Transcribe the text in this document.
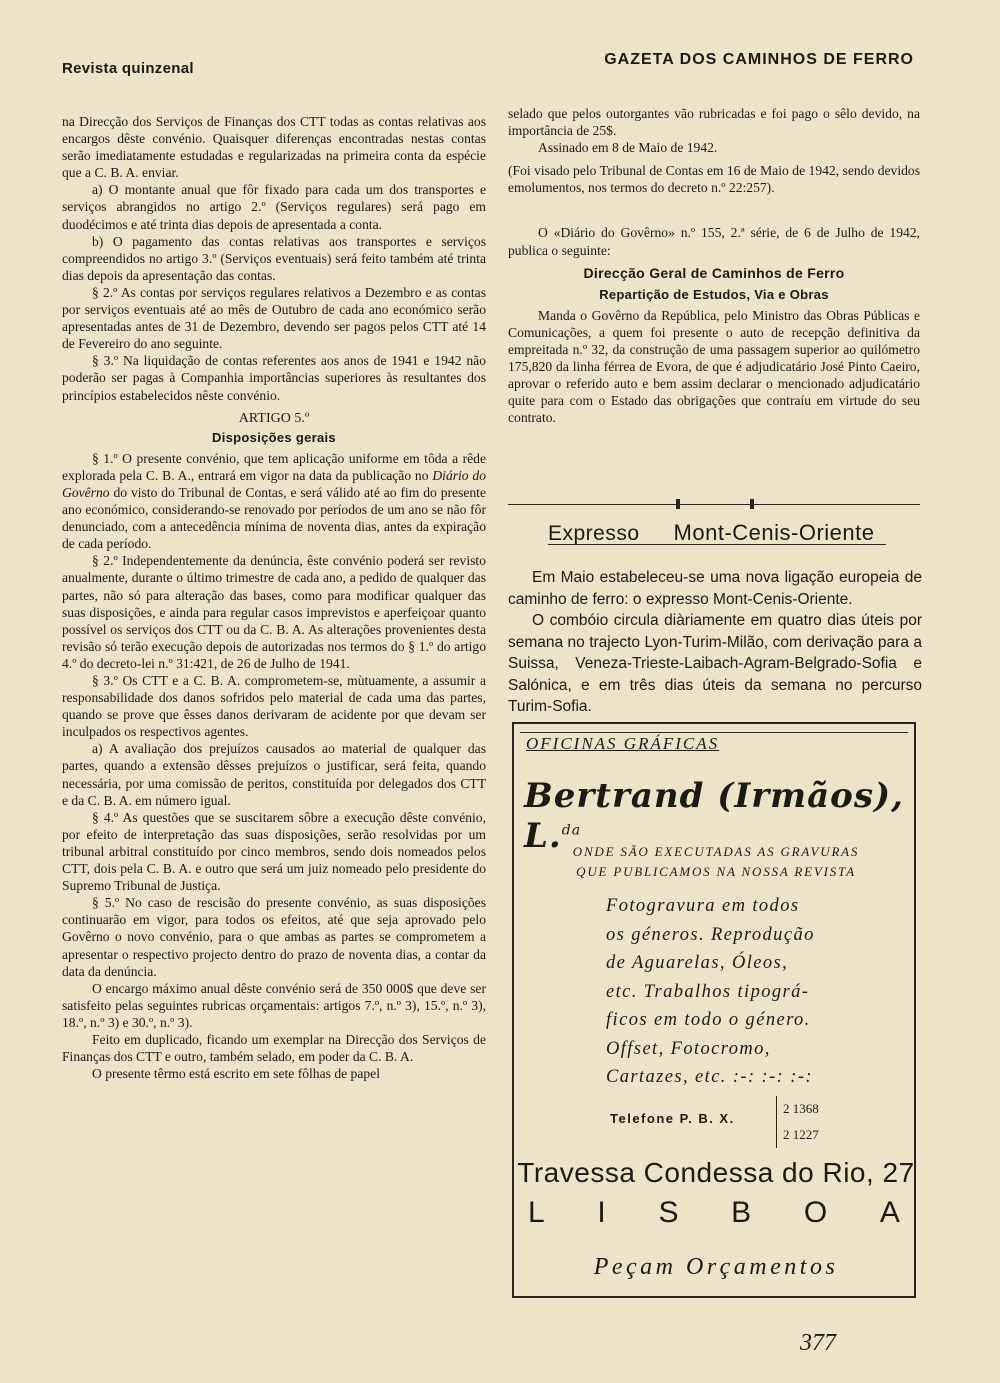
Revista quinzenal
GAZETA DOS CAMINHOS DE FERRO

na Direcção dos Serviços de Finanças dos CTT todas as contas relativas aos encargos dêste convénio. Quaisquer diferenças encontradas nestas contas serão imediatamente estudadas e regularizadas na primeira conta da espécie que a C. B. A. enviar.

a) O montante anual que fôr fixado para cada um dos transportes e serviços abrangidos no artigo 2.º (Serviços regulares) será pago em duodécimos e até trinta dias depois de apresentada a conta.

b) O pagamento das contas relativas aos transportes e serviços compreendidos no artigo 3.º (Serviços eventuais) será feito também até trinta dias depois da apresentação das contas.

§ 2.º As contas por serviços regulares relativos a Dezembro e as contas por serviços eventuais até ao mês de Outubro de cada ano económico serão apresentadas antes de 31 de Dezembro, devendo ser pagos pelos CTT até 14 de Fevereiro do ano seguinte.

§ 3.º Na liquidação de contas referentes aos anos de 1941 e 1942 não poderão ser pagas à Companhia importâncias superiores às resultantes dos princípios estabelecidos nêste convénio.

ARTIGO 5.º
Disposições gerais

§ 1.º O presente convénio, que tem aplicação uniforme em tôda a rêde explorada pela C. B. A., entrará em vigor na data da publicação no Diário do Govêrno do visto do Tribunal de Contas, e será válido até ao fim do presente ano económico, considerando-se renovado por períodos de um ano se não fôr denunciado, com a antecedência mínima de noventa dias, antes da expiração de cada período.

§ 2.º Independentemente da denúncia, êste convénio poderá ser revisto anualmente, durante o último trimestre de cada ano, a pedido de qualquer das partes, não só para alteração das bases, como para modificar qualquer das suas disposições, e ainda para regular casos imprevistos e aperfeiçoar quanto possível os serviços dos CTT ou da C. B. A. As alterações provenientes desta revisão só terão execução depois de autorizadas nos termos do § 1.º do artigo 4.º do decreto-lei n.º 31:421, de 26 de Julho de 1941.

§ 3.º Os CTT e a C. B. A. comprometem-se, mùtuamente, a assumir a responsabilidade dos danos sofridos pelo material de cada uma das partes, quando se prove que êsses danos derivaram de acidente por que devam ser inculpados os respectivos agentes.

a) A avaliação dos prejuízos causados ao material de qualquer das partes, quando a extensão dêsses prejuízos o justificar, será feita, quando necessária, por uma comissão de peritos, constituída por delegados dos CTT e da C. B. A. em número igual.

§ 4.º As questões que se suscitarem sôbre a execução dêste convénio, por efeito de interpretação das suas disposições, serão resolvidas por um tribunal arbitral constituído por cinco membros, sendo dois nomeados pelos CTT, dois pela C. B. A. e outro que será um juiz nomeado pelo presidente do Supremo Tribunal de Justiça.

§ 5.º No caso de rescisão do presente convénio, as suas disposições continuarão em vigor, para todos os efeitos, até que seja aprovado pelo Govêrno o novo convénio, para o que ambas as partes se comprometem a apresentar o respectivo projecto dentro do prazo de noventa dias, a contar da data da denúncia.

O encargo máximo anual dêste convénio será de 350 000$ que deve ser satisfeito pelas seguintes rubricas orçamentais: artigos 7.º, n.º 3), 15.º, n.º 3), 18.º, n.º 3) e 30.º, n.º 3).

Feito em duplicado, ficando um exemplar na Direcção dos Serviços de Finanças dos CTT e outro, também selado, em poder da C. B. A.

O presente têrmo está escrito em sete fôlhas de papel

selado que pelos outorgantes vão rubricadas e foi pago o sêlo devido, na importância de 25$.

Assinado em 8 de Maio de 1942.

(Foi visado pelo Tribunal de Contas em 16 de Maio de 1942, sendo devidos emolumentos, nos termos do decreto n.º 22:257).

O «Diário do Govêrno» n.º 155, 2.ª série, de 6 de Julho de 1942, publica o seguinte:

Direcção Geral de Caminhos de Ferro
Repartição de Estudos, Via e Obras

Manda o Govêrno da República, pelo Ministro das Obras Públicas e Comunicações, a quem foi presente o auto de recepção definitiva da empreitada n.º 32, da construção de uma passagem superior ao quilómetro 175,820 da linha férrea de Evora, de que é adjudicatário José Pinto Caeiro, aprovar o referido auto e bem assim declarar o mencionado adjudicatário quite para com o Estado das obrigações que contraíu em virtude do seu contrato.

Expresso Mont-Cenis-Oriente

Em Maio estabeleceu-se uma nova ligação europeia de caminho de ferro: o expresso Mont-Cenis-Oriente.

O combóio circula diàriamente em quatro dias úteis por semana no trajecto Lyon-Turim-Milão, com derivação para a Suissa, Veneza-Trieste-Laibach-Agram-Belgrado-Sofia e Salónica, e em três dias úteis da semana no percurso Turim-Sofia.

OFICINAS GRÁFICAS
Bertrand (Irmãos), L.$^{da}$
ONDE SÃO EXECUTADAS AS GRAVURAS
QUE PUBLICAMOS NA NOSSA REVISTA
Fotogravura em todos
os géneros. Reprodução
de Aguarelas, Óleos,
etc. Trabalhos tipográ-
ficos em todo o género.
Offset, Fotocromo,
Cartazes, etc. :-: :-: :-:
Telefone P. B. X.
2 1368
2 1227
Travessa Condessa do Rio, 27
L I S B O A
Peçam Orçamentos
377
